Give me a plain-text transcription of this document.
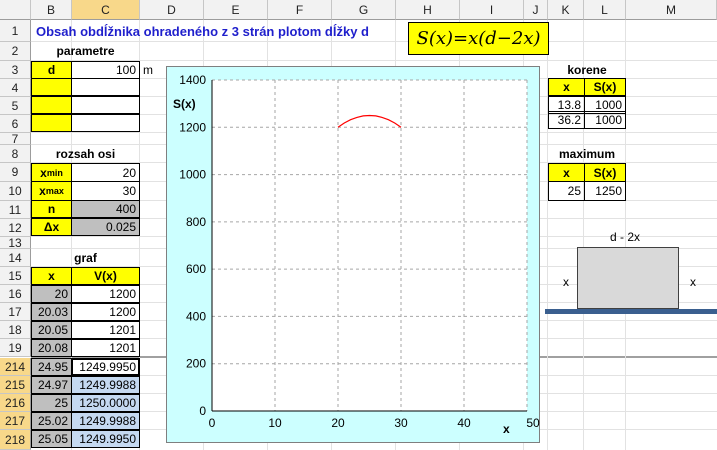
B	C	D	E	F	G	H	I	J	K	L	M
1
2
3
4
5
6
7
8
9
10
11
12
13
14
15
16
17
18
19
214
215
216
217
218
Obsah obdĺžnika ohradeného z 3 strán plotom dĺžky d	S(x)=x(d−2x)
parametre
d	100 m
rozsah osi
x min	20
x max	30
n	400
Δx	0.025
graf
x	V(x)
20	1200
20.03	1200
20.05	1201
20.08	1201
24.95 1249.9950
24.97 1249.9988
25 1250.0000
25.02 1249.9988
25.05 1249.9950
korene
x	S(x)
13.8	1000
36.2	1000
maximum
x	S(x)
25	1250
d - 2x
x	x
0
200
400
600
800
1000
1200
1400
0	10	20	30	40	50
S(x)
x
